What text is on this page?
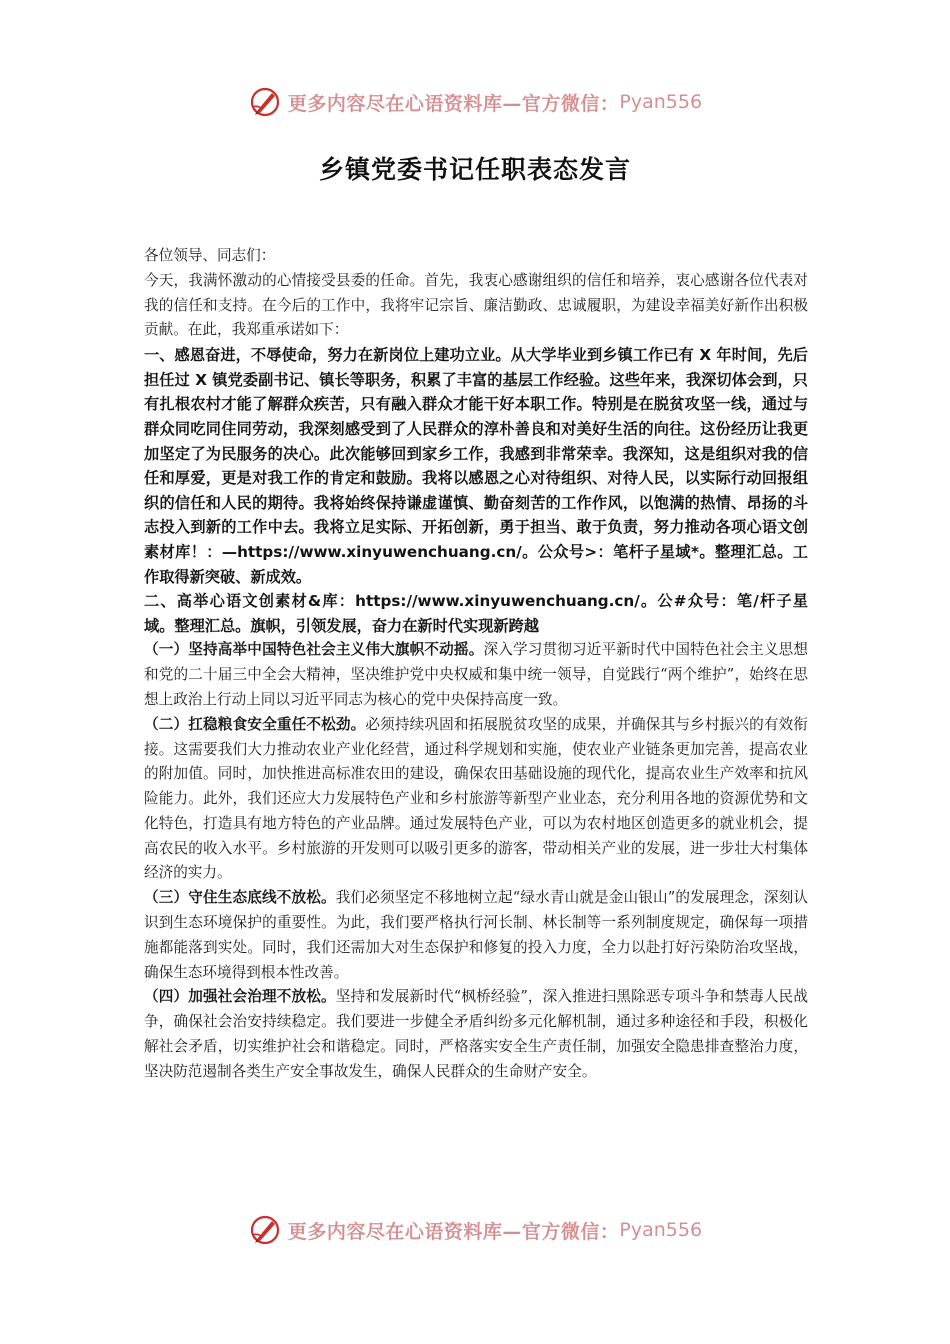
更多内容尽在心语资料库—官方微信： Pyan556
乡镇党委书记任职表态发言

各位领导、同志们：

今天，我满怀激动的心情接受县委的任命。首先，我衷心感谢组织的信任和培养，衷心感谢各位代表对我的信任和支持。在今后的工作中，我将牢记宗旨、廉洁勤政、忠诚履职，为建设幸福美好新作出积极贡献。在此，我郑重承诺如下：

一、感恩奋进，不辱使命，努力在新岗位上建功立业。从大学毕业到乡镇工作已有 X 年时间，先后担任过 X 镇党委副书记、镇长等职务，积累了丰富的基层工作经验。这些年来，我深切体会到，只有扎根农村才能了解群众疾苦，只有融入群众才能干好本职工作。特别是在脱贫攻坚一线，通过与群众同吃同住同劳动，我深刻感受到了人民群众的淳朴善良和对美好生活的向往。这份经历让我更加坚定了为民服务的决心。此次能够回到家乡工作，我感到非常荣幸。我深知，这是组织对我的信任和厚爱，更是对我工作的肯定和鼓励。我将以感恩之心对待组织、对待人民，以实际行动回报组织的信任和人民的期待。我将始终保持谦虚谨慎、勤奋刻苦的工作作风，以饱满的热情、昂扬的斗志投入到新的工作中去。我将立足实际、开拓创新，勇于担当、敢于负责，努力推动各项心语文创素材库！：—https://www.xinyuwenchuang.cn/。公众号>：笔杆子星域*。整理汇总。工作取得新突破、新成效。

二、高举心语文创素材&库：https://www.xinyuwenchuang.cn/。公#众号：笔/杆子星域。整理汇总。旗帜，引领发展，奋力在新时代实现新跨越

（一）坚持高举中国特色社会主义伟大旗帜不动摇。深入学习贯彻习近平新时代中国特色社会主义思想和党的二十届三中全会大精神，坚决维护党中央权威和集中统一领导，自觉践行“两个维护”，始终在思想上政治上行动上同以习近平同志为核心的党中央保持高度一致。

（二）扛稳粮食安全重任不松劲。必须持续巩固和拓展脱贫攻坚的成果，并确保其与乡村振兴的有效衔接。这需要我们大力推动农业产业化经营，通过科学规划和实施，使农业产业链条更加完善，提高农业的附加值。同时，加快推进高标准农田的建设，确保农田基础设施的现代化，提高农业生产效率和抗风险能力。此外，我们还应大力发展特色产业和乡村旅游等新型产业业态，充分利用各地的资源优势和文化特色，打造具有地方特色的产业品牌。通过发展特色产业，可以为农村地区创造更多的就业机会，提高农民的收入水平。乡村旅游的开发则可以吸引更多的游客，带动相关产业的发展，进一步壮大村集体经济的实力。

（三）守住生态底线不放松。我们必须坚定不移地树立起“绿水青山就是金山银山”的发展理念，深刻认识到生态环境保护的重要性。为此，我们要严格执行河长制、林长制等一系列制度规定，确保每一项措施都能落到实处。同时，我们还需加大对生态保护和修复的投入力度，全力以赴打好污染防治攻坚战，确保生态环境得到根本性改善。

（四）加强社会治理不放松。坚持和发展新时代“枫桥经验”，深入推进扫黑除恶专项斗争和禁毒人民战争，确保社会治安持续稳定。我们要进一步健全矛盾纠纷多元化解机制，通过多种途径和手段，积极化解社会矛盾，切实维护社会和谐稳定。同时，严格落实安全生产责任制，加强安全隐患排查整治力度，坚决防范遏制各类生产安全事故发生，确保人民群众的生命财产安全。

更多内容尽在心语资料库—官方微信： Pyan556
